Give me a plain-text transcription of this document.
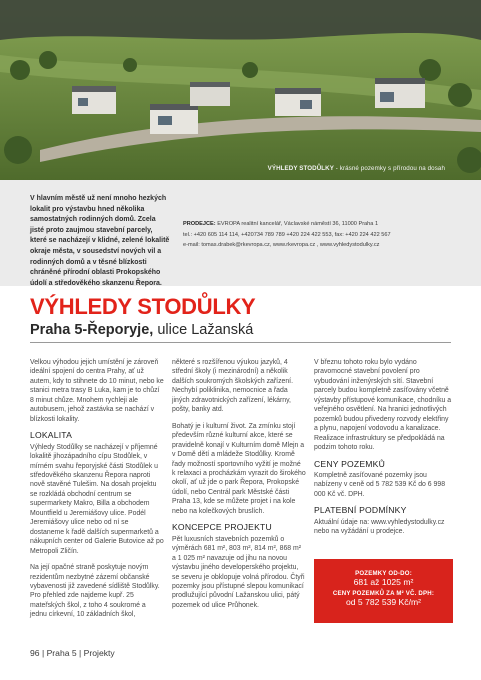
VÝHLEDY STODŮLKY - krásné pozemky s přírodou na dosah
V hlavním městě už není mnoho hezkých lokalit pro výstavbu hned několika samostatných rodinných domů. Zcela jisté proto zaujmou stavební parcely, které se nacházejí v klidné, zelené lokalitě okraje města, v sousedství nových vil a rodinných domů a v těsné blízkosti chráněné přírodní oblasti Prokopského údolí a středověkého skanzenu Řepora.
PRODEJCE: EVROPA realitní kancelář, Václavské náměstí 36, 11000 Praha 1
tel.: +420 605 114 114, +420734 789 789 +420 224 422 553, fax: +420 224 422 567
e-mail: tomas.drabek@rkevropa.cz, www.rkevropa.cz , www.vyhledystodulky.cz
VÝHLEDY STODŮLKY
Praha 5-Řeporyje, ulice Lažanská

Velkou výhodou jejich umístění je zároveň ideální spojení do centra Prahy, ať už autem, kdy to stihnete do 10 minut, nebo ke stanici metra trasy B Luka, kam je to chůzí 8 minut chůze. Mnohem rychleji ale autobusem, jehož zastávka se nachází v blízkosti lokality.

LOKALITA

Výhledy Stodůlky se nacházejí v příjemné lokalitě jihozápadního cípu Stodůlek, v mírném svahu řeporyjské části Stodůlek u středověkého skanzenu Řepora naproti nově stavěné Tulešim. Na dosah projektu se rozkládá obchodní centrum se supermarkety Makro, Billa a obchodem Mountfield u Jeremiášovy ulice. Podél Jeremiášovy ulice nebo od ní se dostaneme k řadě dalších supermarketů a nákupních center od Galerie Butovice až po Metropoli Zličín.

Na její opačné straně poskytuje novým rezidentům nezbytné zázemí občanské vybavenosti již zavedené sídliště Stodůlky. Pro přehled zde najdeme kupř. 25 mateřských škol, z toho 4 soukromé a jednu církevní, 10 základních škol,

některé s rozšířenou výukou jazyků, 4 střední školy (i mezinárodní) a několik dalších soukromých školských zařízení. Nechybí poliklinika, nemocnice a řada jiných zdravotnických zařízení, lékárny, pošty, banky atd.

Bohatý je i kulturní život. Za zmínku stojí především různé kulturní akce, které se pravidelně konají v Kulturním domě Mlejn a v Domě dětí a mládeže Stodůlky. Kromě řady možností sportovního vyžití je možné k relaxaci a procházkám vyrazit do širokého okolí, ať už jde o park Řepora, Prokopské údolí, nebo Centrál park Městské části Praha 13, kde se můžete projet i na kole nebo na kolečkových bruslích.

KONCEPCE PROJEKTU

Pět luxusních stavebních pozemků o výměrách 681 m², 803 m², 814 m², 868 m² a 1 025 m² navazuje od jihu na novou výstavbu jiného developerského projektu, se severu je obklopuje volná přírodou. Čtyři pozemky jsou přístupné slepou komunikací prodlužující původní Lažanskou ulici, pátý pozemek od ulice Průhonek.

V březnu tohoto roku bylo vydáno pravomocné stavební povolení pro vybudování inženýrských sítí. Stavební parcely budou kompletně zasíťovány včetně výstavby přístupové komunikace, chodníku a veřejného osvětlení. Na hranici jednotlivých pozemků budou přivedeny rozvody elektřiny a plynu, napojení vodovodu a kanalizace. Realizace infrastruktury se předpokládá na podzim tohoto roku.

CENY POZEMKŮ

Kompletně zasíťované pozemky jsou nabízeny v ceně od 5 782 539 Kč do 6 998 000 Kč vč. DPH.

PLATEBNÍ PODMÍNKY

Aktuální údaje na: www.vyhledystodulky.cz nebo na vyžádání u prodejce.

POZEMKY OD-DO:
681 až 1025 m²
CENY POZEMKŮ ZA M² VČ. DPH:
od 5 782 539 Kč/m²
96 | Praha 5 | Projekty
